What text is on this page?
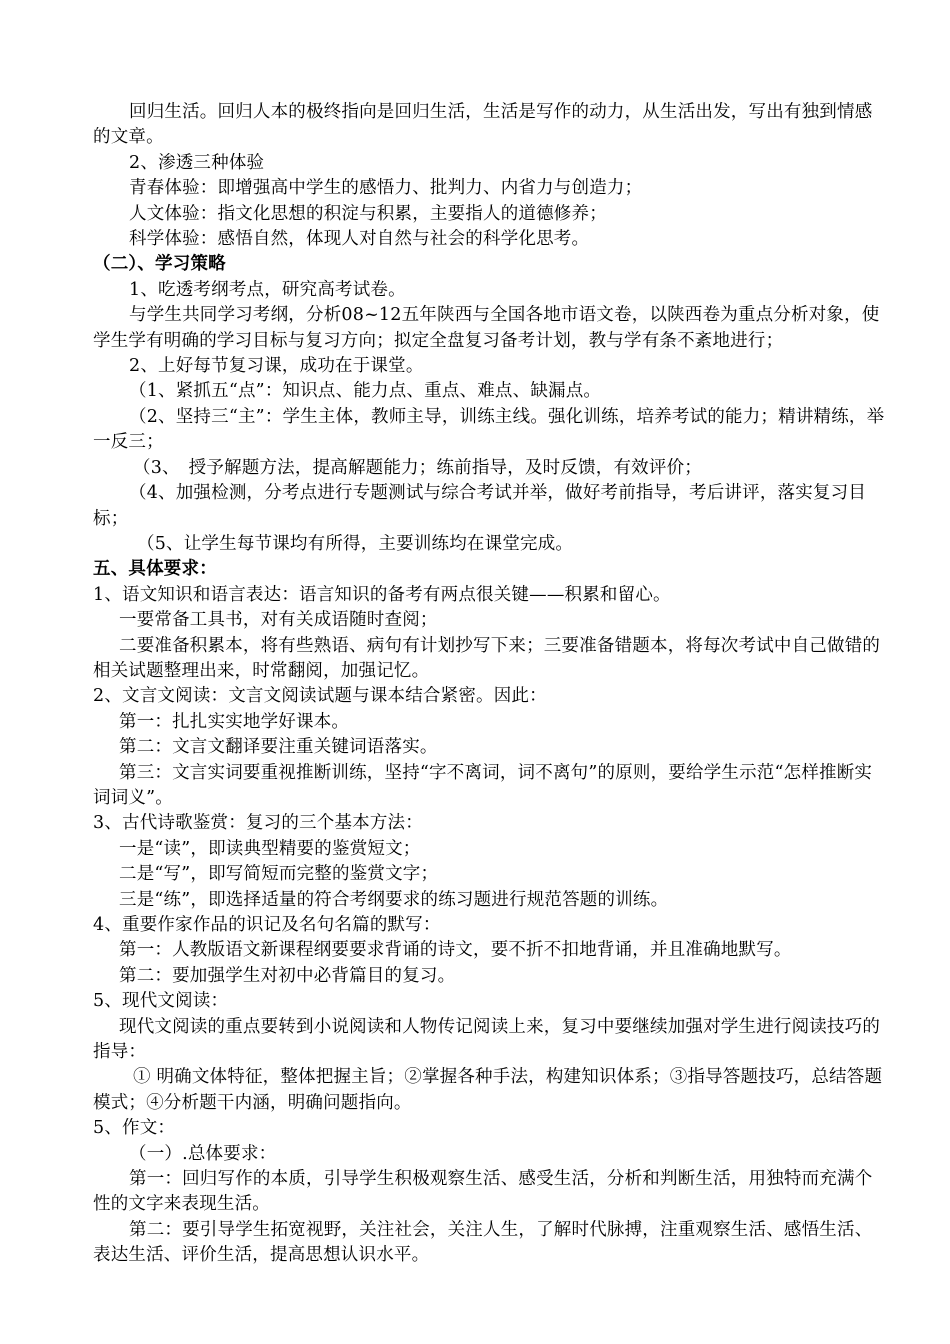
回归生活。回归人本的极终指向是回归生活，生活是写作的动力，从生活出发，写出有独到情感的文章。

2、渗透三种体验

青春体验：即增强高中学生的感悟力、批判力、内省力与创造力；

人文体验：指文化思想的积淀与积累，主要指人的道德修养；

科学体验：感悟自然，体现人对自然与社会的科学化思考。

（二）、学习策略

1、吃透考纲考点，研究高考试卷。

与学生共同学习考纲，分析08~12五年陕西与全国各地市语文卷，以陕西卷为重点分析对象，使学生学有明确的学习目标与复习方向；拟定全盘复习备考计划，教与学有条不紊地进行；

2、上好每节复习课，成功在于课堂。

（1、紧抓五“点”：知识点、能力点、重点、难点、缺漏点。

（2、坚持三“主”：学生主体，教师主导，训练主线。强化训练，培养考试的能力；精讲精练，举一反三；

（3、　授予解题方法，提高解题能力；练前指导，及时反馈，有效评价；

（4、加强检测，分考点进行专题测试与综合考试并举，做好考前指导，考后讲评，落实复习目标；

（5、让学生每节课均有所得，主要训练均在课堂完成。

五、具体要求：

1、语文知识和语言表达：语言知识的备考有两点很关键——积累和留心。

一要常备工具书，对有关成语随时查阅；

二要准备积累本，将有些熟语、病句有计划抄写下来；三要准备错题本，将每次考试中自己做错的相关试题整理出来，时常翻阅，加强记忆。

2、文言文阅读：文言文阅读试题与课本结合紧密。因此：

第一：扎扎实实地学好课本。

第二：文言文翻译要注重关键词语落实。

第三：文言实词要重视推断训练，坚持“字不离词，词不离句”的原则，要给学生示范“怎样推断实词词义”。

3、古代诗歌鉴赏：复习的三个基本方法：

一是“读”，即读典型精要的鉴赏短文；

二是“写”，即写简短而完整的鉴赏文字；

三是“练”，即选择适量的符合考纲要求的练习题进行规范答题的训练。

4、重要作家作品的识记及名句名篇的默写：

第一：人教版语文新课程纲要要求背诵的诗文，要不折不扣地背诵，并且准确地默写。

第二：要加强学生对初中必背篇目的复习。

5、现代文阅读：

现代文阅读的重点要转到小说阅读和人物传记阅读上来，复习中要继续加强对学生进行阅读技巧的指导：

① 明确文体特征，整体把握主旨；②掌握各种手法，构建知识体系；③指导答题技巧，总结答题模式；④分析题干内涵，明确问题指向。

5、作文：

（一）.总体要求：

第一：回归写作的本质，引导学生积极观察生活、感受生活，分析和判断生活，用独特而充满个性的文字来表现生活。

第二：要引导学生拓宽视野，关注社会，关注人生，了解时代脉搏，注重观察生活、感悟生活、表达生活、评价生活，提高思想认识水平。
